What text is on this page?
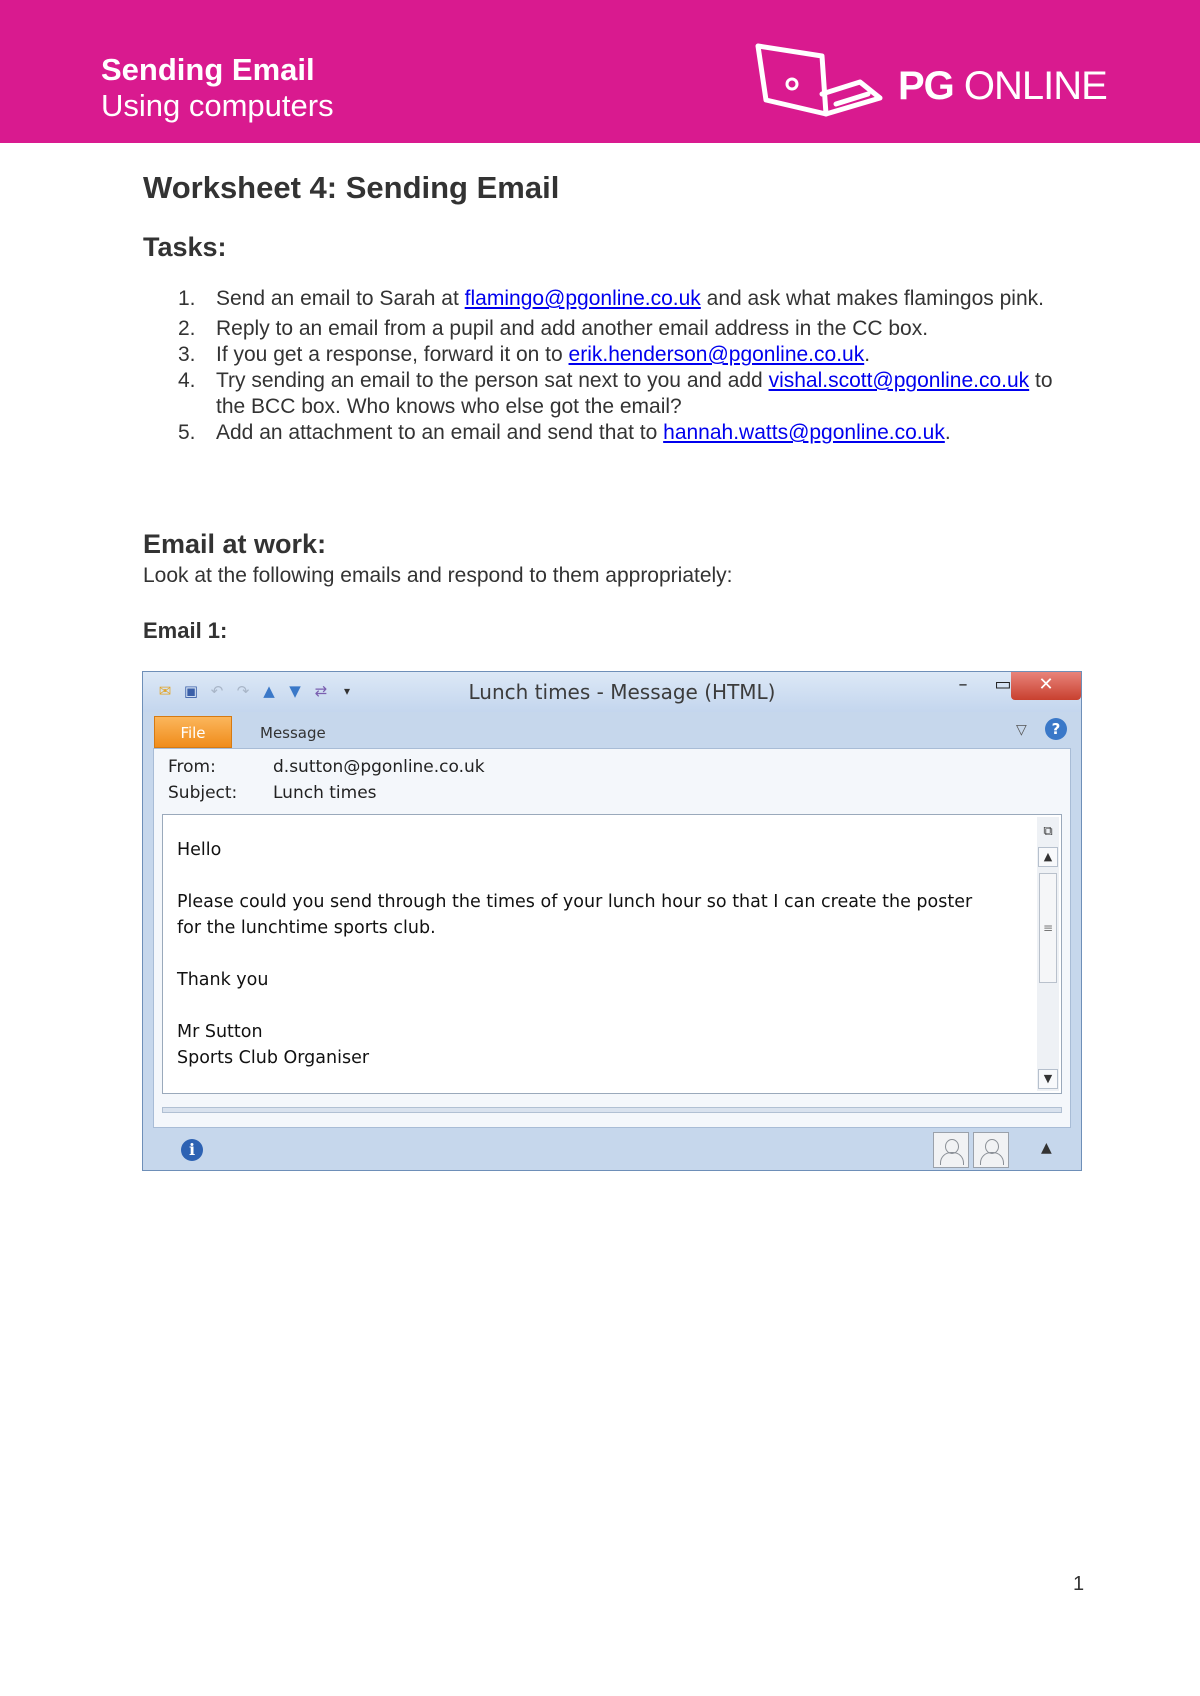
Sending Email
Using computers	PG ONLINE
Worksheet 4: Sending Email
Tasks:
1. Send an email to Sarah at flamingo@pgonline.co.uk and ask what makes flamingos pink.
2. Reply to an email from a pupil and add another email address in the CC box.
3. If you get a response, forward it on to erik.henderson@pgonline.co.uk.
4. Try sending an email to the person sat next to you and add vishal.scott@pgonline.co.uk to the BCC box. Who knows who else got the email?
5. Add an attachment to an email and send that to hannah.watts@pgonline.co.uk.
Email at work:
Look at the following emails and respond to them appropriately:
Email 1:
✉ ▣ ↶ ↷ ▲ ▼ ⇄	▾	Lunch times - Message (HTML)	–	▭	✕
File	Message	▽	?
From:	d.sutton@pgonline.co.uk
Subject: Lunch times

Hello

Please could you send through the times of your lunch hour so that I can create the poster for the lunchtime sports club.

Thank you

Mr Sutton

Sports Club Organiser

⧉
▲
≡
▼
i	▲
1
